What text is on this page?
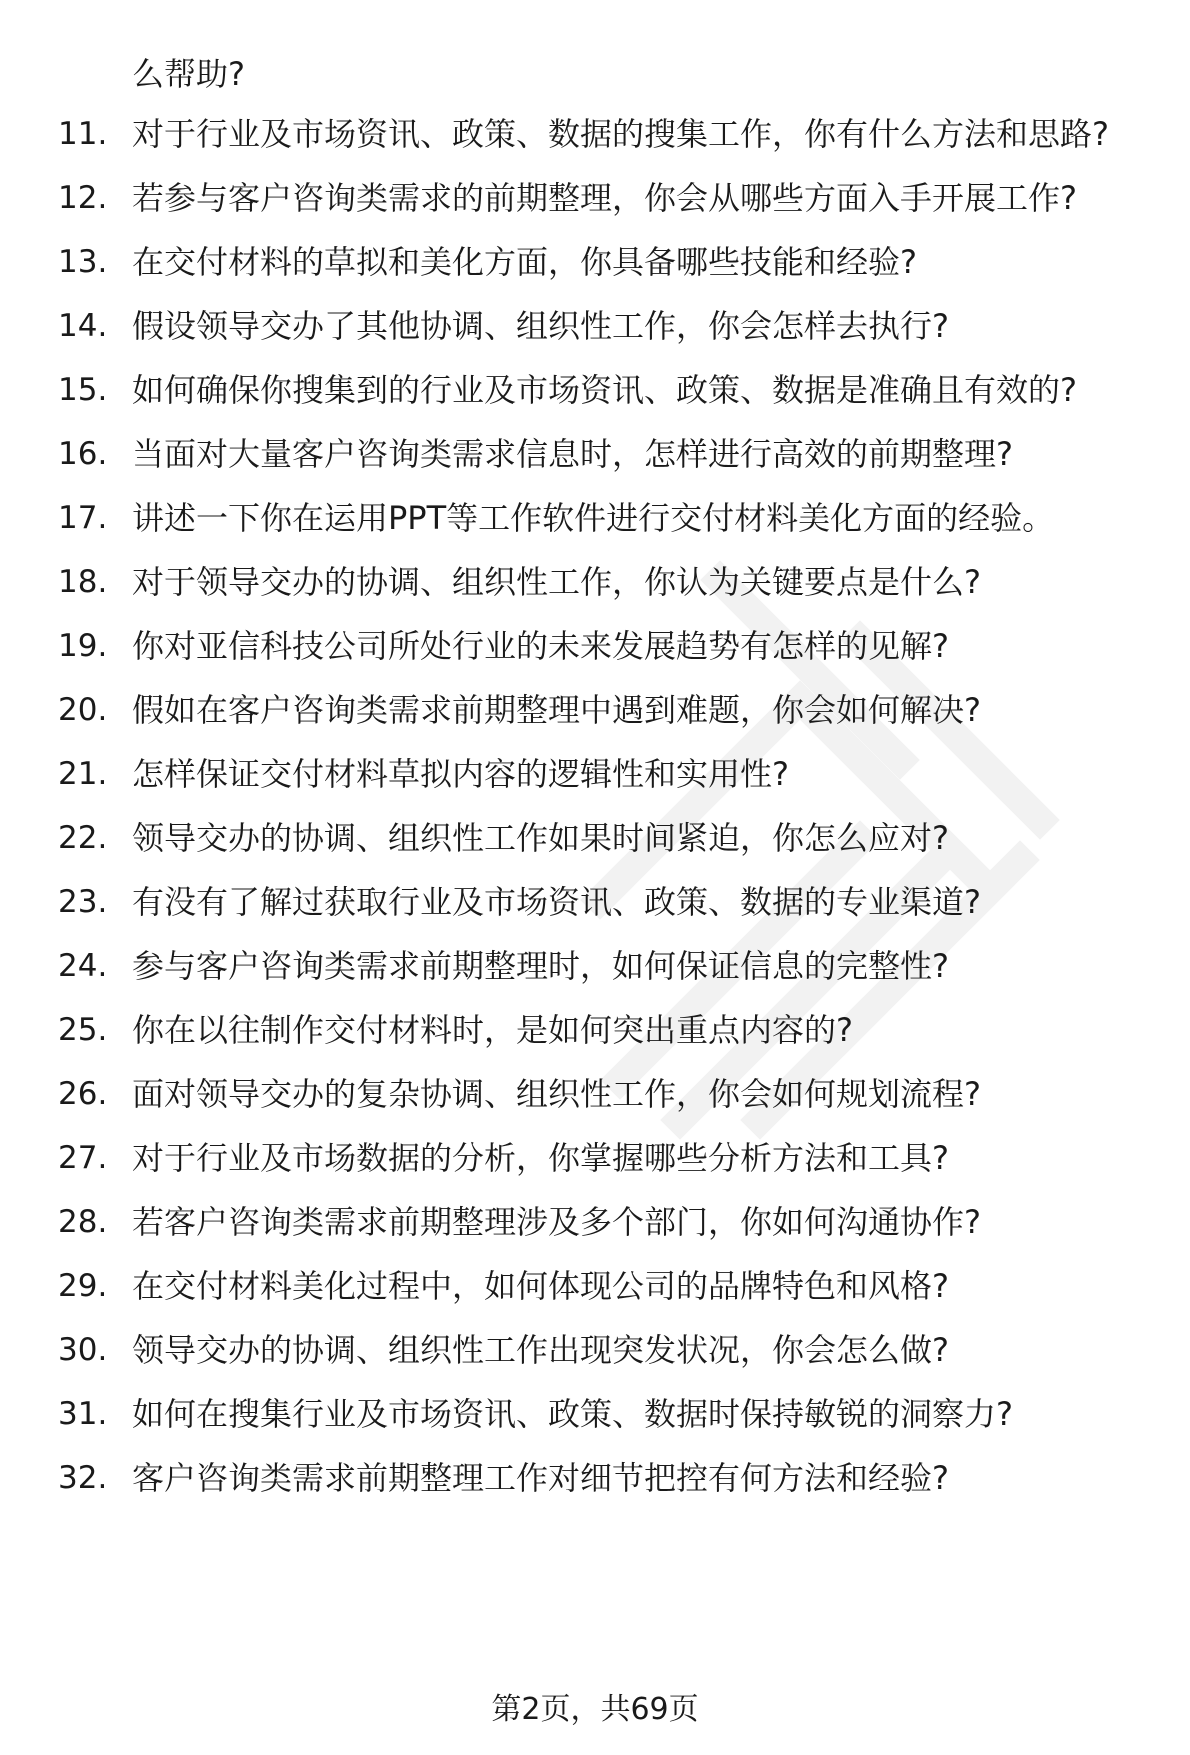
么帮助?
11. 对于行业及市场资讯、政策、数据的搜集工作，你有什么方法和思路?
12. 若参与客户咨询类需求的前期整理，你会从哪些方面入手开展工作?
13. 在交付材料的草拟和美化方面，你具备哪些技能和经验?
14. 假设领导交办了其他协调、组织性工作，你会怎样去执行?
15. 如何确保你搜集到的行业及市场资讯、政策、数据是准确且有效的?
16. 当面对大量客户咨询类需求信息时，怎样进行高效的前期整理?
17. 讲述一下你在运用PPT等工作软件进行交付材料美化方面的经验。
18. 对于领导交办的协调、组织性工作，你认为关键要点是什么?
19. 你对亚信科技公司所处行业的未来发展趋势有怎样的见解?
20. 假如在客户咨询类需求前期整理中遇到难题，你会如何解决?
21. 怎样保证交付材料草拟内容的逻辑性和实用性?
22. 领导交办的协调、组织性工作如果时间紧迫，你怎么应对?
23. 有没有了解过获取行业及市场资讯、政策、数据的专业渠道?
24. 参与客户咨询类需求前期整理时，如何保证信息的完整性?
25. 你在以往制作交付材料时，是如何突出重点内容的?
26. 面对领导交办的复杂协调、组织性工作，你会如何规划流程?
27. 对于行业及市场数据的分析，你掌握哪些分析方法和工具?
28. 若客户咨询类需求前期整理涉及多个部门，你如何沟通协作?
29. 在交付材料美化过程中，如何体现公司的品牌特色和风格?
30. 领导交办的协调、组织性工作出现突发状况，你会怎么做?
31. 如何在搜集行业及市场资讯、政策、数据时保持敏锐的洞察力?
32. 客户咨询类需求前期整理工作对细节把控有何方法和经验?
第2页，共69页
